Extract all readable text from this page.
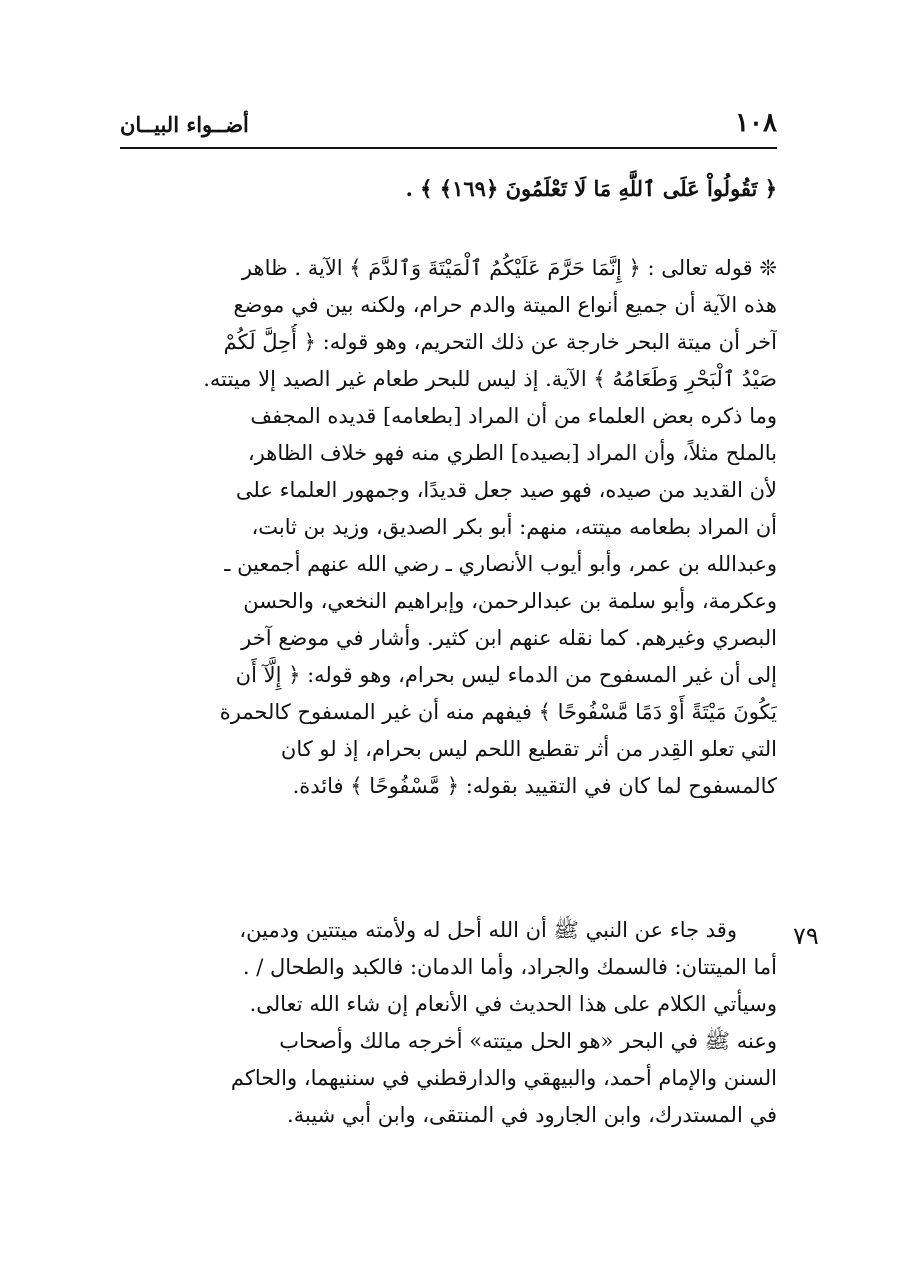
١٠٨
أضــواء البيــان
﴿ تَقُولُواْ عَلَى ٱللَّهِ مَا لَا تَعْلَمُونَ ﴿١٦٩﴾ ﴾ .
❊ قوله تعالى : ﴿ إِنَّمَا حَرَّمَ عَلَيْكُمُ ٱلْمَيْتَةَ وَٱلدَّمَ ﴾ الآية . ظاهر
هذه الآية أن جميع أنواع الميتة والدم حرام، ولكنه بين في موضع
آخر أن ميتة البحر خارجة عن ذلك التحريم، وهو قوله: ﴿ أُحِلَّ لَكُمْ
صَيْدُ ٱلْبَحْرِ وَطَعَامُهُ ﴾ الآية. إذ ليس للبحر طعام غير الصيد إلا ميتته.
وما ذكره بعض العلماء من أن المراد [بطعامه] قديده المجفف
بالملح مثلاً، وأن المراد [بصيده] الطري منه فهو خلاف الظاهر،
لأن القديد من صيده، فهو صيد جعل قديدًا، وجمهور العلماء على
أن المراد بطعامه ميتته، منهم: أبو بكر الصديق، وزيد بن ثابت،
وعبدالله بن عمر، وأبو أيوب الأنصاري ـ رضي الله عنهم أجمعين ـ
وعكرمة، وأبو سلمة بن عبدالرحمن، وإبراهيم النخعي، والحسن
البصري وغيرهم. كما نقله عنهم ابن كثير. وأشار في موضع آخر
إلى أن غير المسفوح من الدماء ليس بحرام، وهو قوله: ﴿ إِلَّآ أَن
يَكُونَ مَيْتَةً أَوْ دَمًا مَّسْفُوحًا ﴾ فيفهم منه أن غير المسفوح كالحمرة
التي تعلو القِدر من أثر تقطيع اللحم ليس بحرام، إذ لو كان
كالمسفوح لما كان في التقييد بقوله: ﴿ مَّسْفُوحًا ﴾ فائدة.
٧٩
وقد جاء عن النبي ﷺ أن الله أحل له ولأمته ميتتين ودمين،
أما الميتتان: فالسمك والجراد، وأما الدمان: فالكبد والطحال / .
وسيأتي الكلام على هذا الحديث في الأنعام إن شاء الله تعالى.
وعنه ﷺ في البحر «هو الحل ميتته» أخرجه مالك وأصحاب
السنن والإمام أحمد، والبيهقي والدارقطني في سننيهما، والحاكم
في المستدرك، وابن الجارود في المنتقى، وابن أبي شيبة.
